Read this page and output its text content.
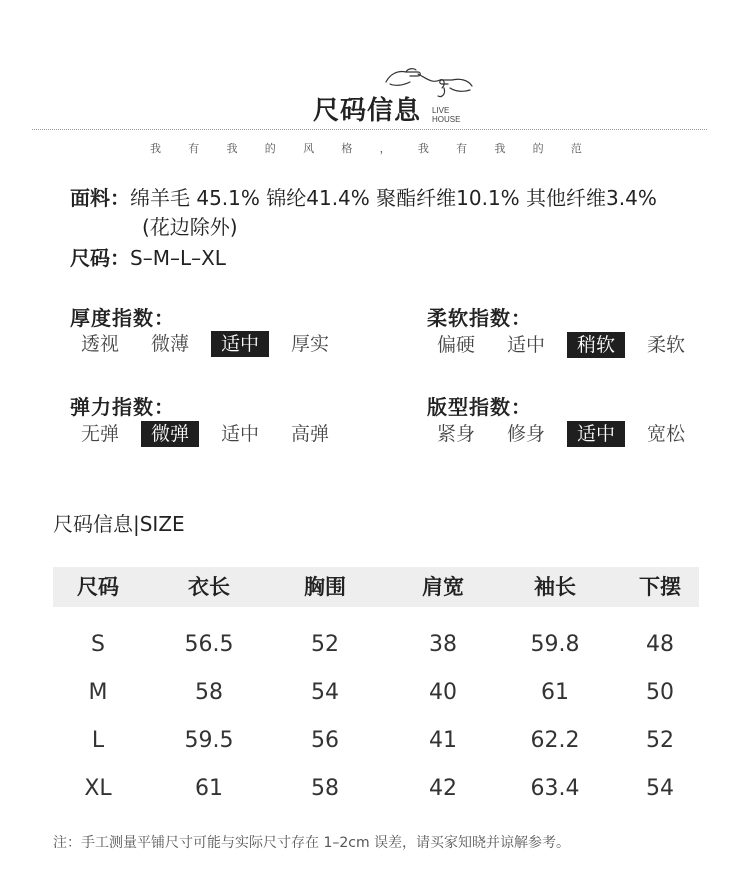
尺码信息 LIVE
HOUSE
我 有 我 的 风 格 ， 我 有 我 的 范
面料：绵羊毛 45.1% 锦纶41.4% 聚酯纤维10.1% 其他纤维3.4%
(花边除外)
尺码：S–M–L–XL
厚度指数：
透视	微薄	适中	厚实
柔软指数：
偏硬	适中	稍软	柔软
弹力指数：
无弹	微弹	适中	高弹
版型指数：
紧身	修身	适中	宽松
尺码信息|SIZE
尺码	衣长	胸围	肩宽	袖长	下摆
S	56.5	52	38	59.8	48
M	58	54	40	61	50
L	59.5	56	41	62.2	52
XL	61	58	42	63.4	54
注：手工测量平铺尺寸可能与实际尺寸存在 1–2cm 误差，请买家知晓并谅解参考。
